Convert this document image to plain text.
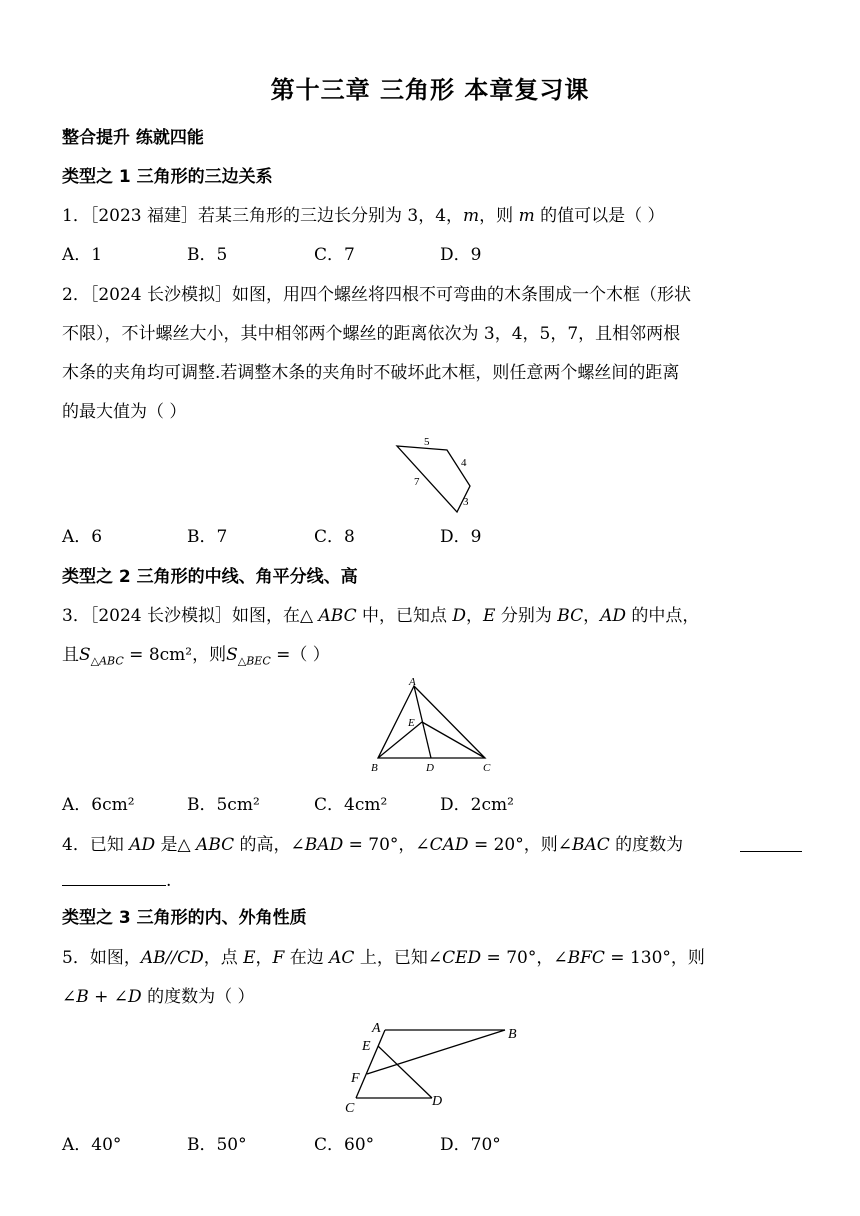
第十三章 三角形 本章复习课
整合提升 练就四能
类型之 1 三角形的三边关系
1．［2023 福建］若某三角形的三边长分别为 3，4，m，则 m 的值可以是（ ）
A．1	B．5	C．7	D．9
2．［2024 长沙模拟］如图，用四个螺丝将四根不可弯曲的木条围成一个木框（形状
不限），不计螺丝大小，其中相邻两个螺丝的距离依次为 3，4，5，7，且相邻两根
木条的夹角均可调整.若调整木条的夹角时不破坏此木框，则任意两个螺丝间的距离
的最大值为（ ）
5
4
7
3
A．6	B．7	C．8	D．9
类型之 2 三角形的中线、角平分线、高
3．［2024 长沙模拟］如图，在△ ABC 中，已知点 D，E 分别为 BC，AD 的中点，
且$S_{\triangle ABC} = 8cm^2$，则$S_{\triangle BEC}$ =（ ）
A
E
B	D	C
A．6cm²	B．5cm²	C．4cm²	D．2cm²
4．已知 AD 是△ ABC 的高，∠BAD = 70°，∠CAD = 20°，则∠BAC 的度数为
.
类型之 3 三角形的内、外角性质
5．如图，AB//CD，点 E，F 在边 AC 上，已知∠CED = 70°，∠BFC = 130°，则
∠B + ∠D 的度数为（ ）
A	B
E
F
C	D
A．40°	B．50°	C．60°	D．70°
